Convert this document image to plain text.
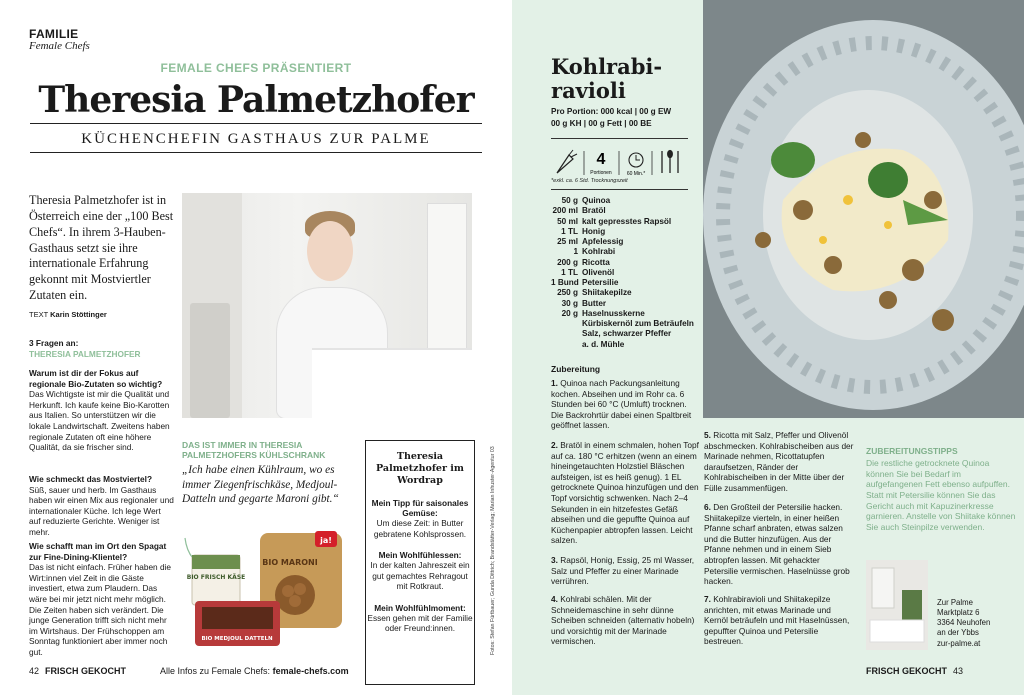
FAMILIE
Female Chefs
FEMALE CHEFS PRÄSENTIERT
Theresia Palmetzhofer
KÜCHENCHEFIN GASTHAUS ZUR PALME
Theresia Palmetzhofer ist in Österreich eine der „100 Best Chefs“. In ihrem 3-Hauben-Gasthaus setzt sie ihre internationale Erfahrung gekonnt mit Mostviertler Zutaten ein.
TEXT Karin Stöttinger
3 Fragen an:
THERESIA PALMETZHOFER
Warum ist dir der Fokus auf regionale Bio-Zutaten so wichtig?
Das Wichtigste ist mir die Qualität und Herkunft. Ich kaufe keine Bio-Karotten aus Italien. So unterstützen wir die lokale Landwirtschaft. Zweitens haben regionale Zutaten oft eine höhere Qualität, da sie frischer sind.
Wie schmeckt das Mostviertel?
Süß, sauer und herb. Im Gasthaus haben wir einen Mix aus regionaler und internationaler Küche. Ich lege Wert auf reduzierte Gerichte. Weniger ist mehr.
Wie schafft man im Ort den Spagat zur Fine-Dining-Klientel?
Das ist nicht einfach. Früher haben die Wirt:innen viel Zeit in die Gäste investiert, etwa zum Plaudern. Das wäre bei mir jetzt nicht mehr möglich. Die Zeiten haben sich verändert. Die junge Generation trifft sich nicht mehr im Wirtshaus. Der Frühschoppen am Sonntag funktioniert aber immer noch gut.
DAS IST IMMER IN THERESIA PALMETZHOFERS KÜHLSCHRANK
„Ich habe einen Kühlraum, wo es immer Ziegenfrischkäse, Medjoul-Datteln und gegarte Maroni gibt.“
BIO FRISCH KÄSE
ja!
BIO MARONI
BIO MEDJOUL DATTELN
Theresia Palmetzhofer im Wordrap
Mein Tipp für saisonales Gemüse:
Um diese Zeit: in Butter gebratene Kohlsprossen.
Mein Wohlfühlessen:
In der kalten Jahreszeit ein gut gemachtes Rehragout mit Rotkraut.
Mein Wohlfühlmoment:
Essen gehen mit der Familie oder Freund:innen.	Fotos: Stefan Fürtbauer; Gunda Dittrich; Brandstätter-Verlag; Marian Inhuster-Agentur 03
42 FRISCH GEKOCHT	Alle Infos zu Female Chefs: female-chefs.com
Kohlrabi-
ravioli
Pro Portion: 000 kcal | 00 g EW
00 g KH | 00 g Fett | 00 BE
4
Portionen	60 Min.*
*exkl. ca. 6 Std. Trocknungszeit
50 g Quinoa
200 ml Bratöl
50 ml kalt gepresstes Rapsöl
1 TL Honig
25 ml Apfelessig
1 Kohlrabi
200 g Ricotta
1 TL Olivenöl
1 Bund Petersilie
250 g Shiitakepilze
30 g Butter
20 g Haselnusskerne
Kürbiskernöl zum Beträufeln
Salz, schwarzer Pfeffer
a. d. Mühle
Zubereitung
1. Quinoa nach Packungsanleitung kochen. Abseihen und im Rohr ca. 6 Stunden bei 60 °C (Umluft) trocknen. Die Backrohrtür dabei einen Spaltbreit geöffnet lassen.
2. Bratöl in einem schmalen, hohen Topf auf ca. 180 °C erhitzen (wenn an einem hineingetauchten Holzstiel Bläschen aufsteigen, ist es heiß genug). 1 EL getrocknete Quinoa hinzufügen und den Topf vorsichtig schwenken. Nach 2–4 Sekunden in ein hitzefestes Gefäß abseihen und die gepuffte Quinoa auf Küchenpapier abtropfen lassen. Leicht salzen.
3. Rapsöl, Honig, Essig, 25 ml Wasser, Salz und Pfeffer zu einer Marinade verrühren.
4. Kohlrabi schälen. Mit der Schneidemaschine in sehr dünne Scheiben schneiden (alternativ hobeln) und vorsichtig mit der Marinade vermischen.
5. Ricotta mit Salz, Pfeffer und Olivenöl abschmecken. Kohlrabischeiben aus der Marinade nehmen, Ricottatupfen daraufsetzen, Ränder der Kohlrabischeiben in der Mitte über der Fülle zusammenfügen.
6. Den Großteil der Petersilie hacken. Shiitakepilze vierteln, in einer heißen Pfanne scharf anbraten, etwas salzen und die Butter hinzufügen. Aus der Pfanne nehmen und in einem Sieb abtropfen lassen. Mit gehackter Petersilie vermischen. Haselnüsse grob hacken.
7. Kohlrabiravioli und Shiitakepilze anrichten, mit etwas Marinade und Kernöl beträufeln und mit Haselnüssen, gepuffter Quinoa und Petersilie bestreuen.
ZUBEREITUNGSTIPPS
Die restliche getrocknete Quinoa können Sie bei Bedarf im aufgefangenen Fett ebenso aufpuffen. Statt mit Petersilie können Sie das Gericht auch mit Kapuzinerkresse garnieren. Anstelle von Shiitake können Sie auch Steinpilze verwenden.
Zur Palme
Marktplatz 6
3364 Neuhofen
an der Ybbs
zur-palme.at
FRISCH GEKOCHT 43
